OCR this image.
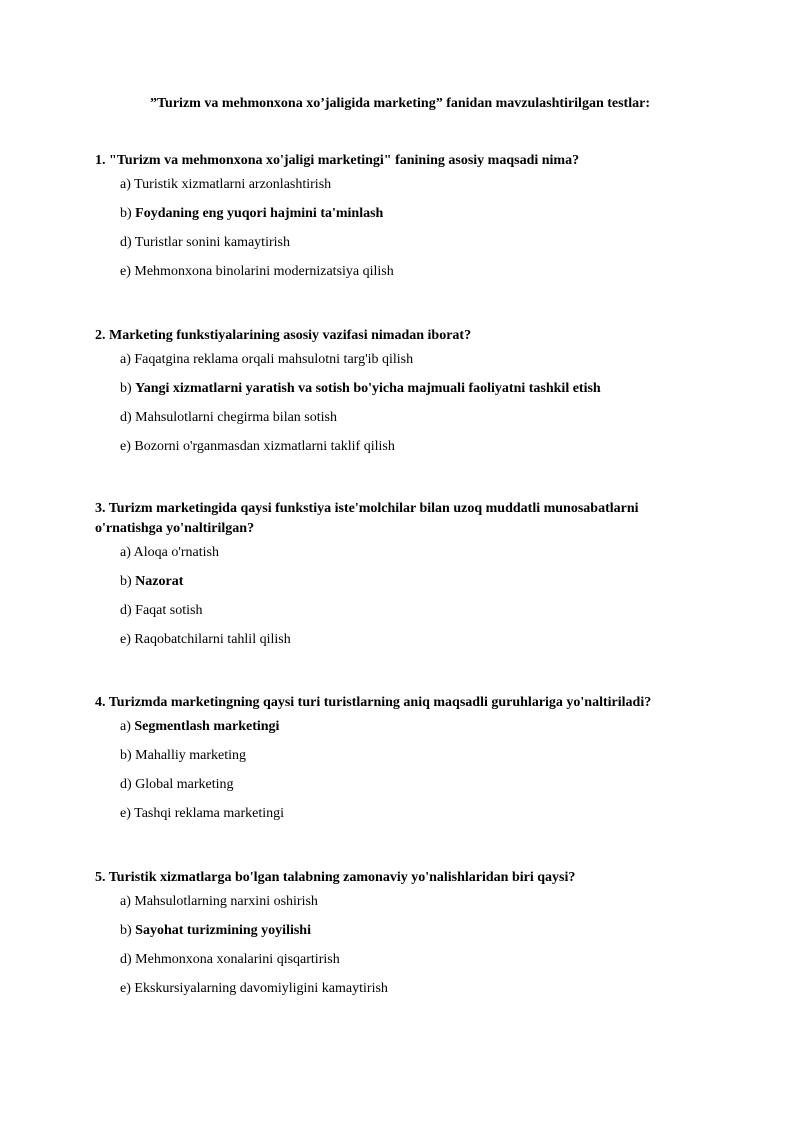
”Turizm va mehmonxona xo’jaligida marketing” fanidan mavzulashtirilgan testlar:

1. "Turizm va mehmonxona xo'jaligi marketingi" fanining asosiy maqsadi nima?

a) Turistik xizmatlarni arzonlashtirish
b) Foydaning eng yuqori hajmini ta'minlash
d) Turistlar sonini kamaytirish
e) Mehmonxona binolarini modernizatsiya qilish

2. Marketing funkstiyalarining asosiy vazifasi nimadan iborat?

a) Faqatgina reklama orqali mahsulotni targ'ib qilish
b) Yangi xizmatlarni yaratish va sotish bo'yicha majmuali faoliyatni tashkil etish
d) Mahsulotlarni chegirma bilan sotish
e) Bozorni o'rganmasdan xizmatlarni taklif qilish

3. Turizm marketingida qaysi funkstiya iste'molchilar bilan uzoq muddatli munosabatlarni o'rnatishga yo'naltirilgan?

a) Aloqa o'rnatish
b) Nazorat
d) Faqat sotish
e) Raqobatchilarni tahlil qilish

4. Turizmda marketingning qaysi turi turistlarning aniq maqsadli guruhlariga yo'naltiriladi?

a) Segmentlash marketingi
b) Mahalliy marketing
d) Global marketing
e) Tashqi reklama marketingi

5. Turistik xizmatlarga bo'lgan talabning zamonaviy yo'nalishlaridan biri qaysi?

a) Mahsulotlarning narxini oshirish
b) Sayohat turizmining yoyilishi
d) Mehmonxona xonalarini qisqartirish
e) Ekskursiyalarning davomiyligini kamaytirish
